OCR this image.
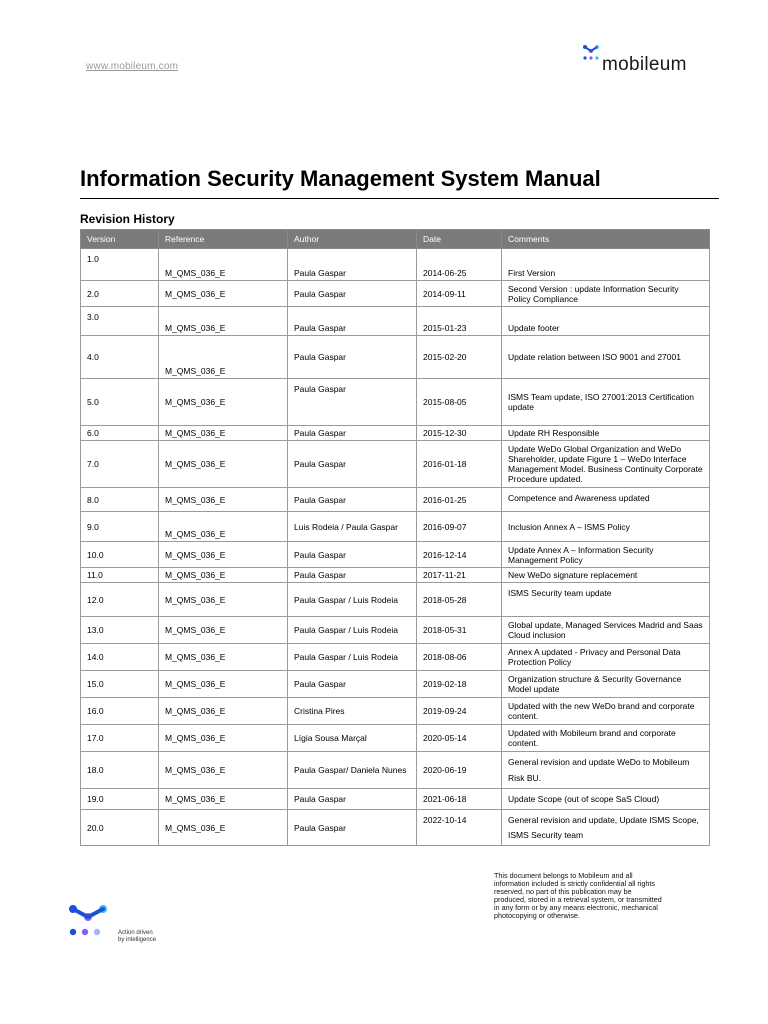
www.mobileum.com	mobileum
Information Security Management System Manual
Revision History
Version	Reference	Author	Date	Comments
1.0	M_QMS_036_E	Paula Gaspar	2014-06-25	First Version
2.0	M_QMS_036_E	Paula Gaspar	2014-09-11	Second Version : update Information Security Policy Compliance
3.0	M_QMS_036_E	Paula Gaspar	2015-01-23	Update footer
4.0	M_QMS_036_E	Paula Gaspar	2015-02-20	Update relation between ISO 9001 and 27001
5.0	M_QMS_036_E	Paula Gaspar	2015-08-05	ISMS Team update, ISO 27001:2013 Certification update
6.0	M_QMS_036_E	Paula Gaspar	2015-12-30	Update RH Responsible
7.0	M_QMS_036_E	Paula Gaspar	2016-01-18	Update WeDo Global Organization and WeDo Shareholder, update Figure 1 – WeDo Interface Management Model. Business Continuity Corporate Procedure updated.
8.0	M_QMS_036_E	Paula Gaspar	2016-01-25	Competence and Awareness updated
9.0	M_QMS_036_E	Luis Rodeia / Paula Gaspar	2016-09-07	Inclusion Annex A – ISMS Policy
10.0	M_QMS_036_E	Paula Gaspar	2016-12-14	Update Annex A – Information Security Management Policy
11.0	M_QMS_036_E	Paula Gaspar	2017-11-21	New WeDo signature replacement
12.0	M_QMS_036_E	Paula Gaspar / Luis Rodeia	2018-05-28	ISMS Security team update
13.0	M_QMS_036_E	Paula Gaspar / Luis Rodeia	2018-05-31	Global update, Managed Services Madrid and Saas Cloud inclusion
14.0	M_QMS_036_E	Paula Gaspar / Luis Rodeia	2018-08-06	Annex A updated - Privacy and Personal Data Protection Policy
15.0	M_QMS_036_E	Paula Gaspar	2019-02-18	Organization structure & Security Governance Model update
16.0	M_QMS_036_E	Cristina Pires	2019-09-24	Updated with the new WeDo brand and corporate content.
17.0	M_QMS_036_E	Lígia Sousa Marçal	2020-05-14	Updated with Mobileum brand and corporate content.
18.0	M_QMS_036_E	Paula Gaspar/ Daniela Nunes	2020-06-19	General revision and update WeDo to Mobileum Risk BU.
19.0	M_QMS_036_E	Paula Gaspar	2021-06-18	Update Scope (out of scope SaS Cloud)
20.0	M_QMS_036_E	Paula Gaspar	2022-10-14	General revision and update, Update ISMS Scope, ISMS Security team
Action driven
by intelligence
This document belongs to Mobileum and all information included is strictly confidential all rights reserved, no part of this publication may be produced, stored in a retrieval system, or transmitted in any form or by any means electronic, mechanical photocopying or otherwise.
